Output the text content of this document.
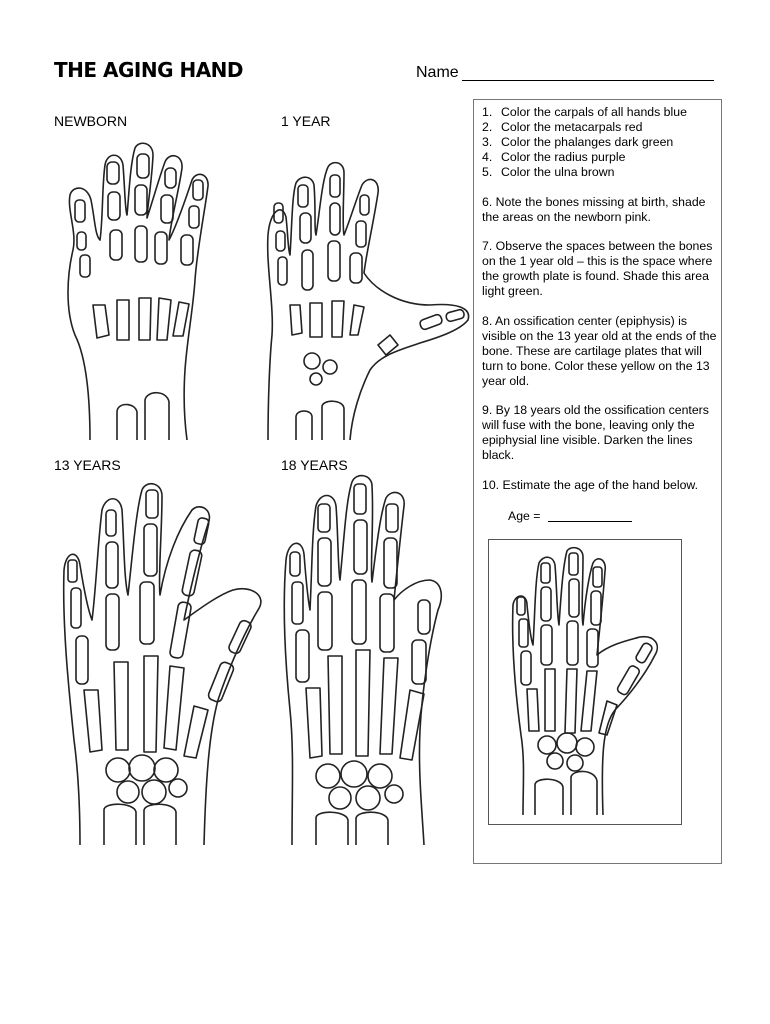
THE AGING HAND	Name
NEWBORN	1 YEAR
13 YEARS	18 YEARS
1. Color the carpals of all hands blue
2. Color the metacarpals red
3. Color the phalanges dark green
4. Color the radius purple
5. Color the ulna brown

6. Note the bones missing at birth, shade the areas on the newborn pink.

7. Observe the spaces between the bones on the 1 year old – this is the space where the growth plate is found. Shade this area light green.

8. An ossification center (epiphysis) is visible on the 13 year old at the ends of the bone. These are cartilage plates that will turn to bone. Color these yellow on the 13 year old.

9. By 18 years old the ossification centers will fuse with the bone, leaving only the epiphysial line visible. Darken the lines black.

10. Estimate the age of the hand below.

Age =
